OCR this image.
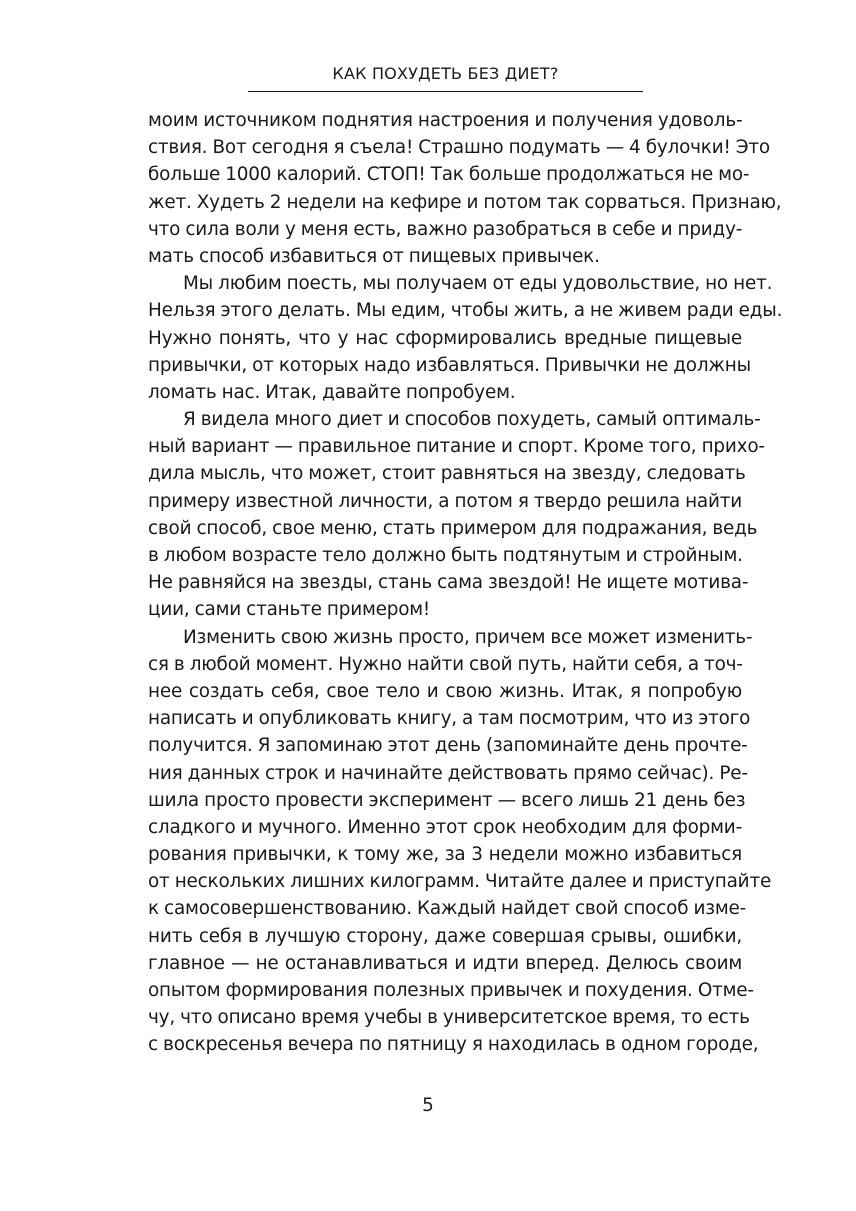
КАК ПОХУДЕТЬ БЕЗ ДИЕТ?
моим источником поднятия настроения и получения удоволь-
ствия. Вот сегодня я съела! Страшно подумать — 4 булочки! Это
больше 1000 калорий. СТОП! Так больше продолжаться не мо-
жет. Худеть 2 недели на кефире и потом так сорваться. Признаю,
что сила воли у меня есть, важно разобраться в себе и приду-
мать способ избавиться от пищевых привычек.
Мы любим поесть, мы получаем от еды удовольствие, но нет.
Нельзя этого делать. Мы едим, чтобы жить, а не живем ради еды.
Нужно понять, что у нас сформировались вредные пищевые
привычки, от которых надо избавляться. Привычки не должны
ломать нас. Итак, давайте попробуем.
Я видела много диет и способов похудеть, самый оптималь-
ный вариант — правильное питание и спорт. Кроме того, прихо-
дила мысль, что может, стоит равняться на звезду, следовать
примеру известной личности, а потом я твердо решила найти
свой способ, свое меню, стать примером для подражания, ведь
в любом возрасте тело должно быть подтянутым и стройным.
Не равняйся на звезды, стань сама звездой! Не ищете мотива-
ции, сами станьте примером!
Изменить свою жизнь просто, причем все может изменить-
ся в любой момент. Нужно найти свой путь, найти себя, а точ-
нее создать себя, свое тело и свою жизнь. Итак, я попробую
написать и опубликовать книгу, а там посмотрим, что из этого
получится. Я запоминаю этот день (запоминайте день прочте-
ния данных строк и начинайте действовать прямо сейчас). Ре-
шила просто провести эксперимент — всего лишь 21 день без
сладкого и мучного. Именно этот срок необходим для форми-
рования привычки, к тому же, за 3 недели можно избавиться
от нескольких лишних килограмм. Читайте далее и приступайте
к самосовершенствованию. Каждый найдет свой способ изме-
нить себя в лучшую сторону, даже совершая срывы, ошибки,
главное — не останавливаться и идти вперед. Делюсь своим
опытом формирования полезных привычек и похудения. Отме-
чу, что описано время учебы в университетское время, то есть
с воскресенья вечера по пятницу я находилась в одном городе,
5
